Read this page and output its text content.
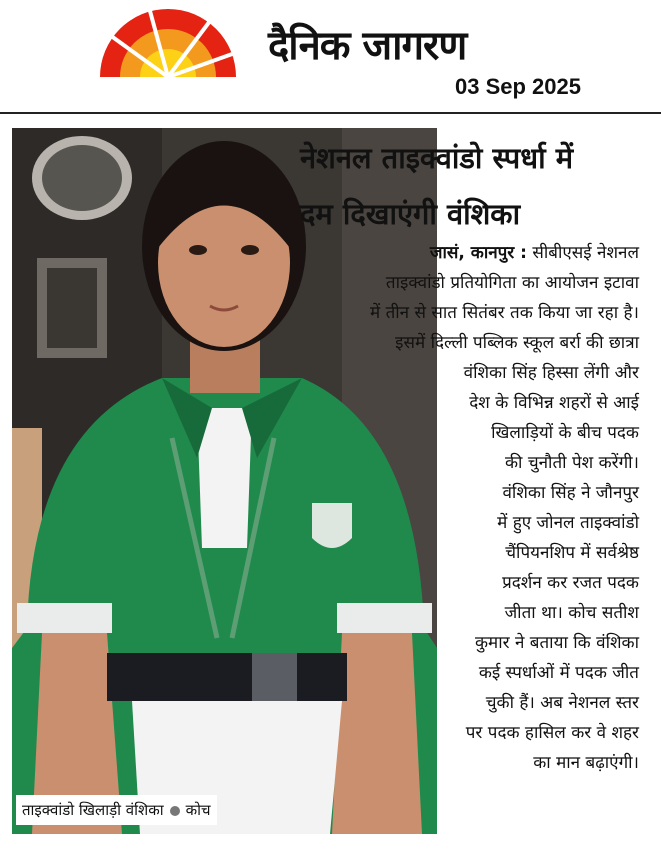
दैनिक जागरण
03 Sep 2025
ताइक्वांडो खिलाड़ी वंशिका कोच
नेशनल ताइक्वांडो स्पर्धा में
दम दिखाएंगी वंशिका
जासं, कानपुर : सीबीएसई नेशनल
ताइक्वांडो प्रतियोगिता का आयोजन इटावा
में तीन से सात सितंबर तक किया जा रहा है।
इसमें दिल्ली पब्लिक स्कूल बर्रा की छात्रा
वंशिका सिंह हिस्सा लेंगी और
देश के विभिन्न शहरों से आई
खिलाड़ियों के बीच पदक
की चुनौती पेश करेंगी।
वंशिका सिंह ने जौनपुर
में हुए जोनल ताइक्वांडो
चैंपियनशिप में सर्वश्रेष्ठ
प्रदर्शन कर रजत पदक
जीता था। कोच सतीश
कुमार ने बताया कि वंशिका
कई स्पर्धाओं में पदक जीत
चुकी हैं। अब नेशनल स्तर
पर पदक हासिल कर वे शहर
का मान बढ़ाएंगी।
